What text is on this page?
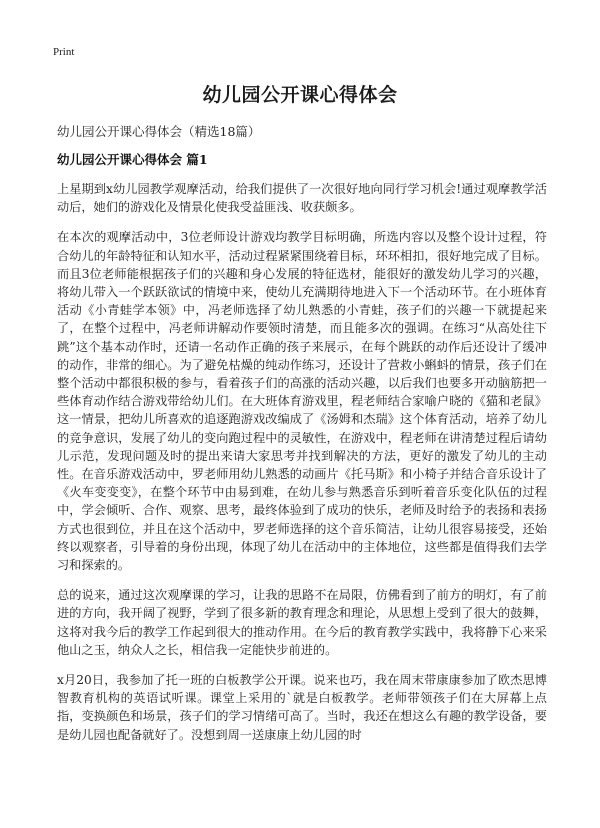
Print
幼儿园公开课心得体会
幼儿园公开课心得体会（精选18篇）
幼儿园公开课心得体会 篇1

上星期到x幼儿园教学观摩活动，给我们提供了一次很好地向同行学习机会!通过观摩教学活动后，她们的游戏化及情景化使我受益匪浅、收获颇多。

在本次的观摩活动中，3位老师设计游戏均教学目标明确，所选内容以及整个设计过程，符合幼儿的年龄特征和认知水平，活动过程紧紧围绕着目标，环环相扣，很好地完成了目标。而且3位老师能根据孩子们的兴趣和身心发展的特征选材，能很好的激发幼儿学习的兴趣，将幼儿带入一个跃跃欲试的情境中来，使幼儿充满期待地进入下一个活动环节。在小班体育活动《小青蛙学本领》中，冯老师选择了幼儿熟悉的小青蛙，孩子们的兴趣一下就提起来了，在整个过程中，冯老师讲解动作要领时清楚，而且能多次的强调。在练习“从高处往下跳”这个基本动作时，还请一名动作正确的孩子来展示，在每个跳跃的动作后还设计了缓冲的动作，非常的细心。为了避免枯燥的纯动作练习，还设计了营救小蝌蚪的情景，孩子们在整个活动中都很积极的参与，看着孩子们的高涨的活动兴趣，以后我们也要多开动脑筋把一些体育动作结合游戏带给幼儿们。在大班体育游戏里，程老师结合家喻户晓的《猫和老鼠》这一情景，把幼儿所喜欢的追逐跑游戏改编成了《汤姆和杰瑞》这个体育活动，培养了幼儿的竞争意识，发展了幼儿的变向跑过程中的灵敏性，在游戏中，程老师在讲清楚过程后请幼儿示范，发现问题及时的提出来请大家思考并找到解决的方法，更好的激发了幼儿的主动性。在音乐游戏活动中，罗老师用幼儿熟悉的动画片《托马斯》和小椅子并结合音乐设计了《火车变变变》，在整个环节中由易到难，在幼儿参与熟悉音乐到听着音乐变化队伍的过程中，学会倾听、合作、观察、思考，最终体验到了成功的快乐，老师及时给予的表扬和表扬方式也很到位，并且在这个活动中，罗老师选择的这个音乐简洁，让幼儿很容易接受，还始终以观察者，引导着的身份出现，体现了幼儿在活动中的主体地位，这些都是值得我们去学习和探索的。

总的说来，通过这次观摩课的学习，让我的思路不在局限，仿佛看到了前方的明灯，有了前进的方向，我开阔了视野，学到了很多新的教育理念和理论，从思想上受到了很大的鼓舞，这将对我今后的教学工作起到很大的推动作用。在今后的教育教学实践中，我将静下心来采他山之玉，纳众人之长，相信我一定能快步前进的。

x月20日，我参加了托一班的白板教学公开课。说来也巧，我在周末带康康参加了欧杰思博智教育机构的英语试听课。课堂上采用的`就是白板教学。老师带领孩子们在大屏幕上点指，变换颜色和场景，孩子们的学习情绪可高了。当时，我还在想这么有趣的教学设备，要是幼儿园也配备就好了。没想到周一送康康上幼儿园的时
